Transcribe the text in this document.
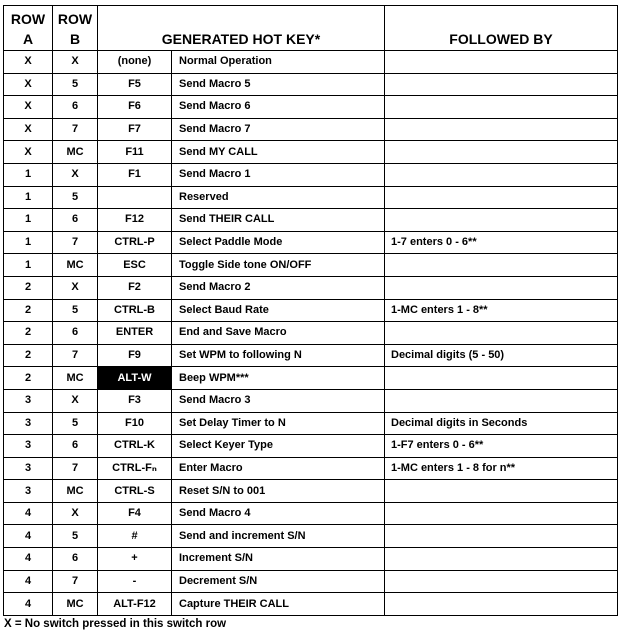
ROW
A	ROW
B	GENERATED HOT KEY*		FOLLOWED BY
X	X	(none)	Normal Operation	
X	5	F5	Send Macro 5	
X	6	F6	Send Macro 6	
X	7	F7	Send Macro 7	
X	MC	F11	Send MY CALL	
1	X	F1	Send Macro 1	
1	5		Reserved	
1	6	F12	Send THEIR CALL	
1	7	CTRL-P	Select Paddle Mode	1-7 enters 0 - 6**
1	MC	ESC	Toggle Side tone ON/OFF	
2	X	F2	Send Macro 2	
2	5	CTRL-B	Select Baud Rate	1-MC enters 1 - 8**
2	6	ENTER	End and Save Macro	
2	7	F9	Set WPM to following N	Decimal digits (5 - 50)
2	MC	ALT-W	Beep WPM***	
3	X	F3	Send Macro 3	
3	5	F10	Set Delay Timer to N	Decimal digits in Seconds
3	6	CTRL-K	Select Keyer Type	1-F7 enters 0 - 6**
3	7	CTRL-Fₙ	Enter Macro	1-MC enters 1 - 8 for n**
3	MC	CTRL-S	Reset S/N to 001	
4	X	F4	Send Macro 4	
4	5	#	Send and increment S/N	
4	6	+	Increment S/N	
4	7	-	Decrement S/N	
4	MC	ALT-F12	Capture THEIR CALL	
X = No switch pressed in this switch row
